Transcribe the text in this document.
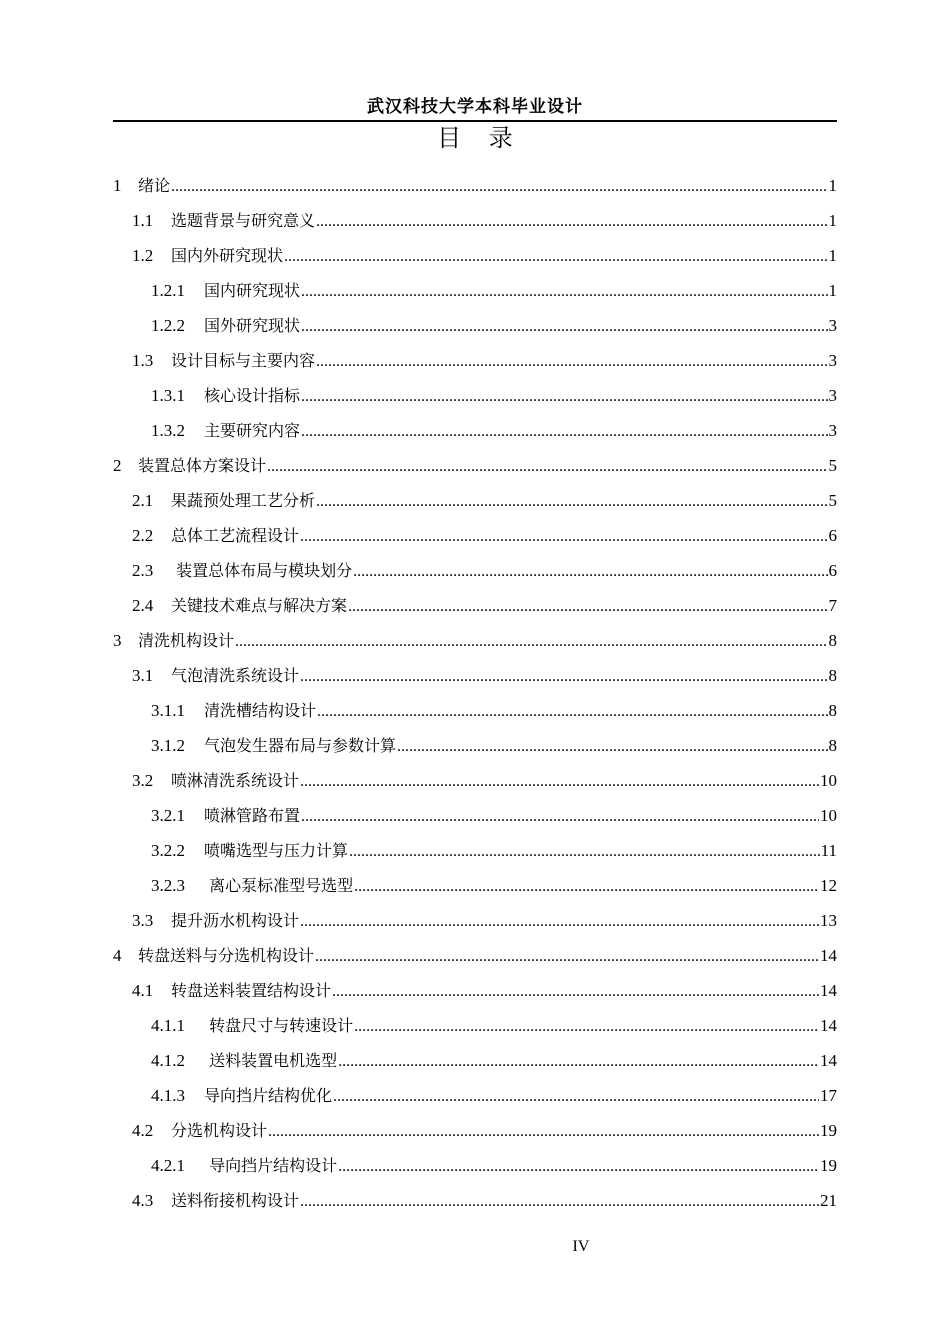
武汉科技大学本科毕业设计
目 录
1	绪论 .....	1
1.1	选题背景与研究意义 .....	1
1.2	国内外研究现状 .....	1
1.2.1	国内研究现状 .....	1
1.2.2	国外研究现状 .....	3
1.3	设计目标与主要内容 .....	3
1.3.1	核心设计指标 .....	3
1.3.2	主要研究内容 .....	3
2	装置总体方案设计 .....	5
2.1	果蔬预处理工艺分析 .....	5
2.2	总体工艺流程设计 .....	6
2.3	装置总体布局与模块划分 .....	6
2.4	关键技术难点与解决方案 .....	7
3	清洗机构设计 .....	8
3.1	气泡清洗系统设计 .....	8
3.1.1	清洗槽结构设计 .....	8
3.1.2	气泡发生器布局与参数计算 .....	8
3.2	喷淋清洗系统设计 .....	10
3.2.1	喷淋管路布置 .....	10
3.2.2	喷嘴选型与压力计算 .....	11
3.2.3	离心泵标准型号选型 .....	12
3.3	提升沥水机构设计 .....	13
4	转盘送料与分选机构设计 .....	14
4.1	转盘送料装置结构设计 .....	14
4.1.1	转盘尺寸与转速设计 .....	14
4.1.2	送料装置电机选型 .....	14
4.1.3	导向挡片结构优化 .....	17
4.2	分选机构设计 .....	19
4.2.1	导向挡片结构设计 .....	19
4.3	送料衔接机构设计 .....	21
IV
